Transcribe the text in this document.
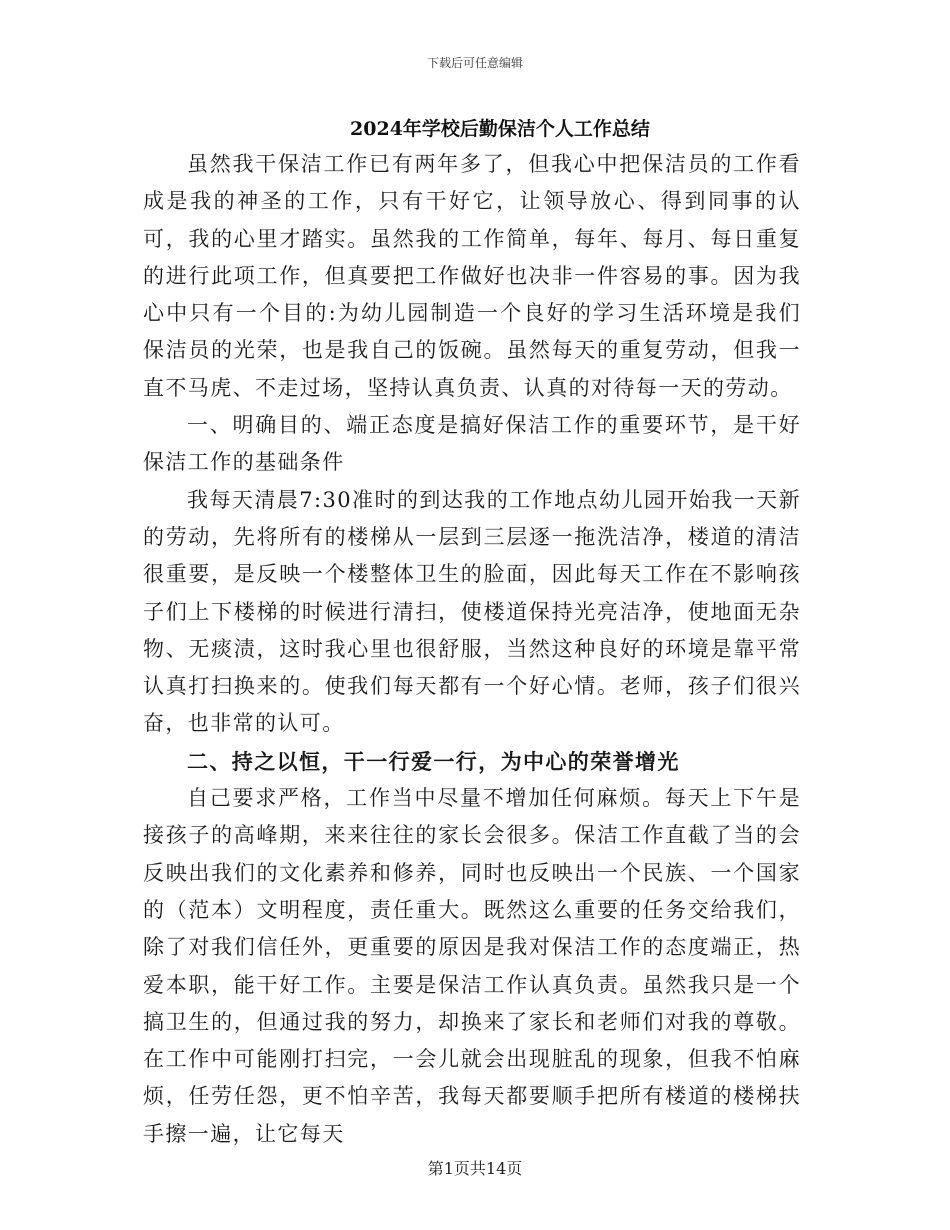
下载后可任意编辑
2024年学校后勤保洁个人工作总结

虽然我干保洁工作已有两年多了，但我心中把保洁员的工作看成是我的神圣的工作，只有干好它，让领导放心、得到同事的认可，我的心里才踏实。虽然我的工作简单，每年、每月、每日重复的进行此项工作，但真要把工作做好也决非一件容易的事。因为我心中只有一个目的:为幼儿园制造一个良好的学习生活环境是我们保洁员的光荣，也是我自己的饭碗。虽然每天的重复劳动，但我一直不马虎、不走过场，坚持认真负责、认真的对待每一天的劳动。

一、明确目的、端正态度是搞好保洁工作的重要环节，是干好保洁工作的基础条件

我每天清晨7:30准时的到达我的工作地点幼儿园开始我一天新的劳动，先将所有的楼梯从一层到三层逐一拖洗洁净，楼道的清洁很重要，是反映一个楼整体卫生的脸面，因此每天工作在不影响孩子们上下楼梯的时候进行清扫，使楼道保持光亮洁净，使地面无杂物、无痰渍，这时我心里也很舒服，当然这种良好的环境是靠平常认真打扫换来的。使我们每天都有一个好心情。老师，孩子们很兴奋，也非常的认可。

二、持之以恒，干一行爱一行，为中心的荣誉增光

自己要求严格，工作当中尽量不增加任何麻烦。每天上下午是接孩子的高峰期，来来往往的家长会很多。保洁工作直截了当的会反映出我们的文化素养和修养，同时也反映出一个民族、一个国家的（范本）文明程度，责任重大。既然这么重要的任务交给我们，除了对我们信任外，更重要的原因是我对保洁工作的态度端正，热爱本职，能干好工作。主要是保洁工作认真负责。虽然我只是一个搞卫生的，但通过我的努力，却换来了家长和老师们对我的尊敬。在工作中可能刚打扫完，一会儿就会出现脏乱的现象，但我不怕麻烦，任劳任怨，更不怕辛苦，我每天都要顺手把所有楼道的楼梯扶手擦一遍，让它每天

第1页共14页
